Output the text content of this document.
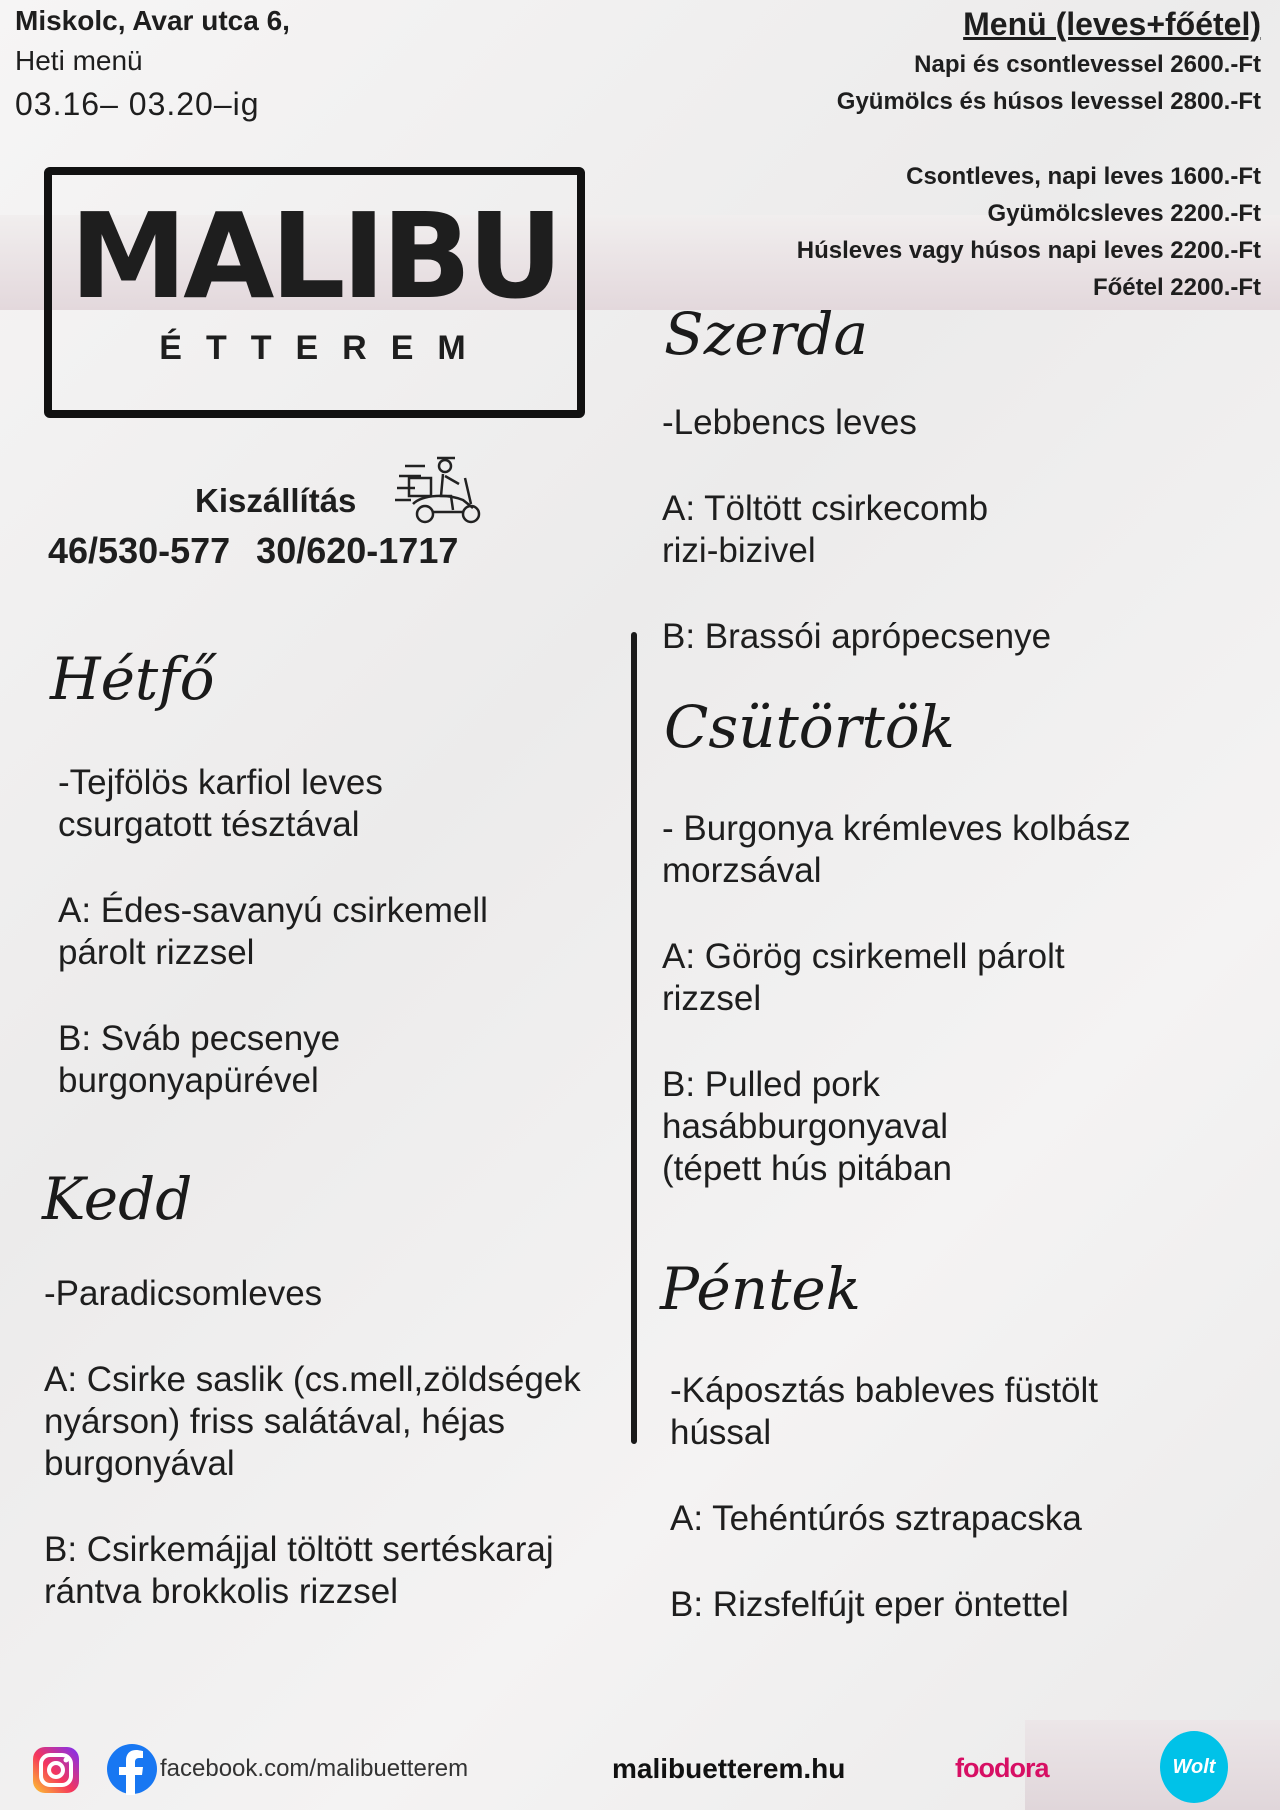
Miskolc, Avar utca 6,
Heti menü
03.16– 03.20–ig
Menü (leves+főétel)
Napi és csontlevessel 2600.-Ft
Gyümölcs és húsos levessel 2800.-Ft
Csontleves, napi leves 1600.-Ft
Gyümölcsleves 2200.-Ft
Húsleves vagy húsos napi leves 2200.-Ft
Főétel 2200.-Ft
MALIBU
ÉTTEREM
Kiszállítás
46/530-577 30/620-1717
Hétfő
-Tejfölös karfiol leves
csurgatott tésztával
A: Édes-savanyú csirkemell
párolt rizzsel
B: Sváb pecsenye
burgonyapürével
Kedd
-Paradicsomleves
A: Csirke saslik (cs.mell,zöldségek
nyárson) friss salátával, héjas
burgonyával
B: Csirkemájjal töltött sertéskaraj
rántva brokkolis rizzsel
Szerda
-Lebbencs leves
A: Töltött csirkecomb
rizi-bizivel
B: Brassói aprópecsenye
Csütörtök
- Burgonya krémleves kolbász
morzsával
A: Görög csirkemell párolt
rizzsel
B: Pulled pork
hasábburgonyaval
(tépett hús pitában
Péntek
-Káposztás bableves füstölt
hússal
A: Tehéntúrós sztrapacska
B: Rizsfelfújt eper öntettel
facebook.com/malibuetterem	malibuetterem.hu	foodora	Wolt
